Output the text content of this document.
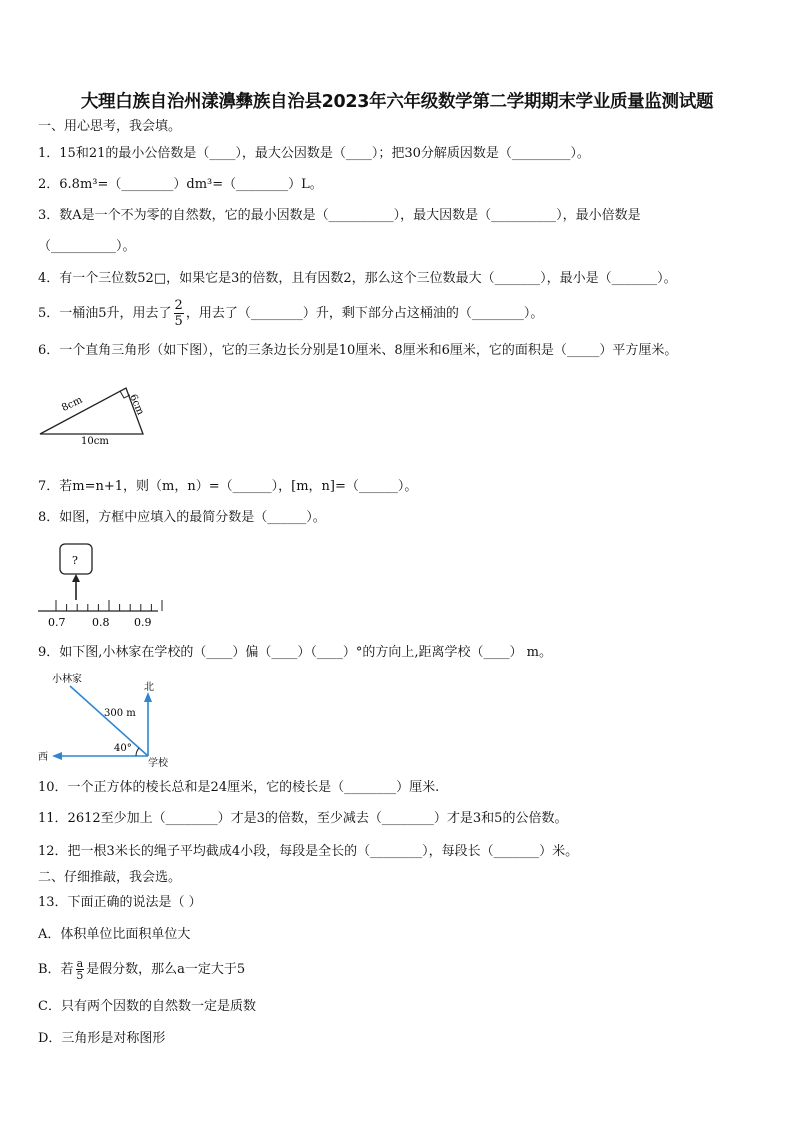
大理白族自治州漾濞彝族自治县2023年六年级数学第二学期期末学业质量监测试题
一、用心思考，我会填。
1．15和21的最小公倍数是（____），最大公因数是（____）；把30分解质因数是（_________）。
2．6.8m³=（________）dm³=（________）L。
3．数A是一个不为零的自然数，它的最小因数是（__________），最大因数是（__________），最小倍数是
（__________）。
4．有一个三位数52□，如果它是3的倍数，且有因数2，那么这个三位数最大（_______），最小是（_______）。
5．一桶油5升，用去了 $\frac{2}{5}$ ，用去了（________）升，剩下部分占这桶油的（________）。
6．一个直角三角形（如下图），它的三条边长分别是10厘米、8厘米和6厘米，它的面积是（_____）平方厘米。
8cm	6cm
10cm
7．若m=n+1，则（m，n）=（______），[m，n]=（______）。
8．如图，方框中应填入的最简分数是（______）。
?
0.7 0.8 0.9
9．如下图,小林家在学校的（____）偏（____）（____）°的方向上,距离学校（____） m。
小林家
北
西
学校
300 m
40°
10．一个正方体的棱长总和是24厘米，它的棱长是（________）厘米.
11．2612至少加上（________）才是3的倍数，至少减去（________）才是3和5的公倍数。
12．把一根3米长的绳子平均截成4小段，每段是全长的（________），每段长（_______）米。
二、仔细推敲，我会选。
13．下面正确的说法是（ ）
A．体积单位比面积单位大
B．若 $\frac{a}{5}$ 是假分数，那么a一定大于5
C．只有两个因数的自然数一定是质数
D．三角形是对称图形
